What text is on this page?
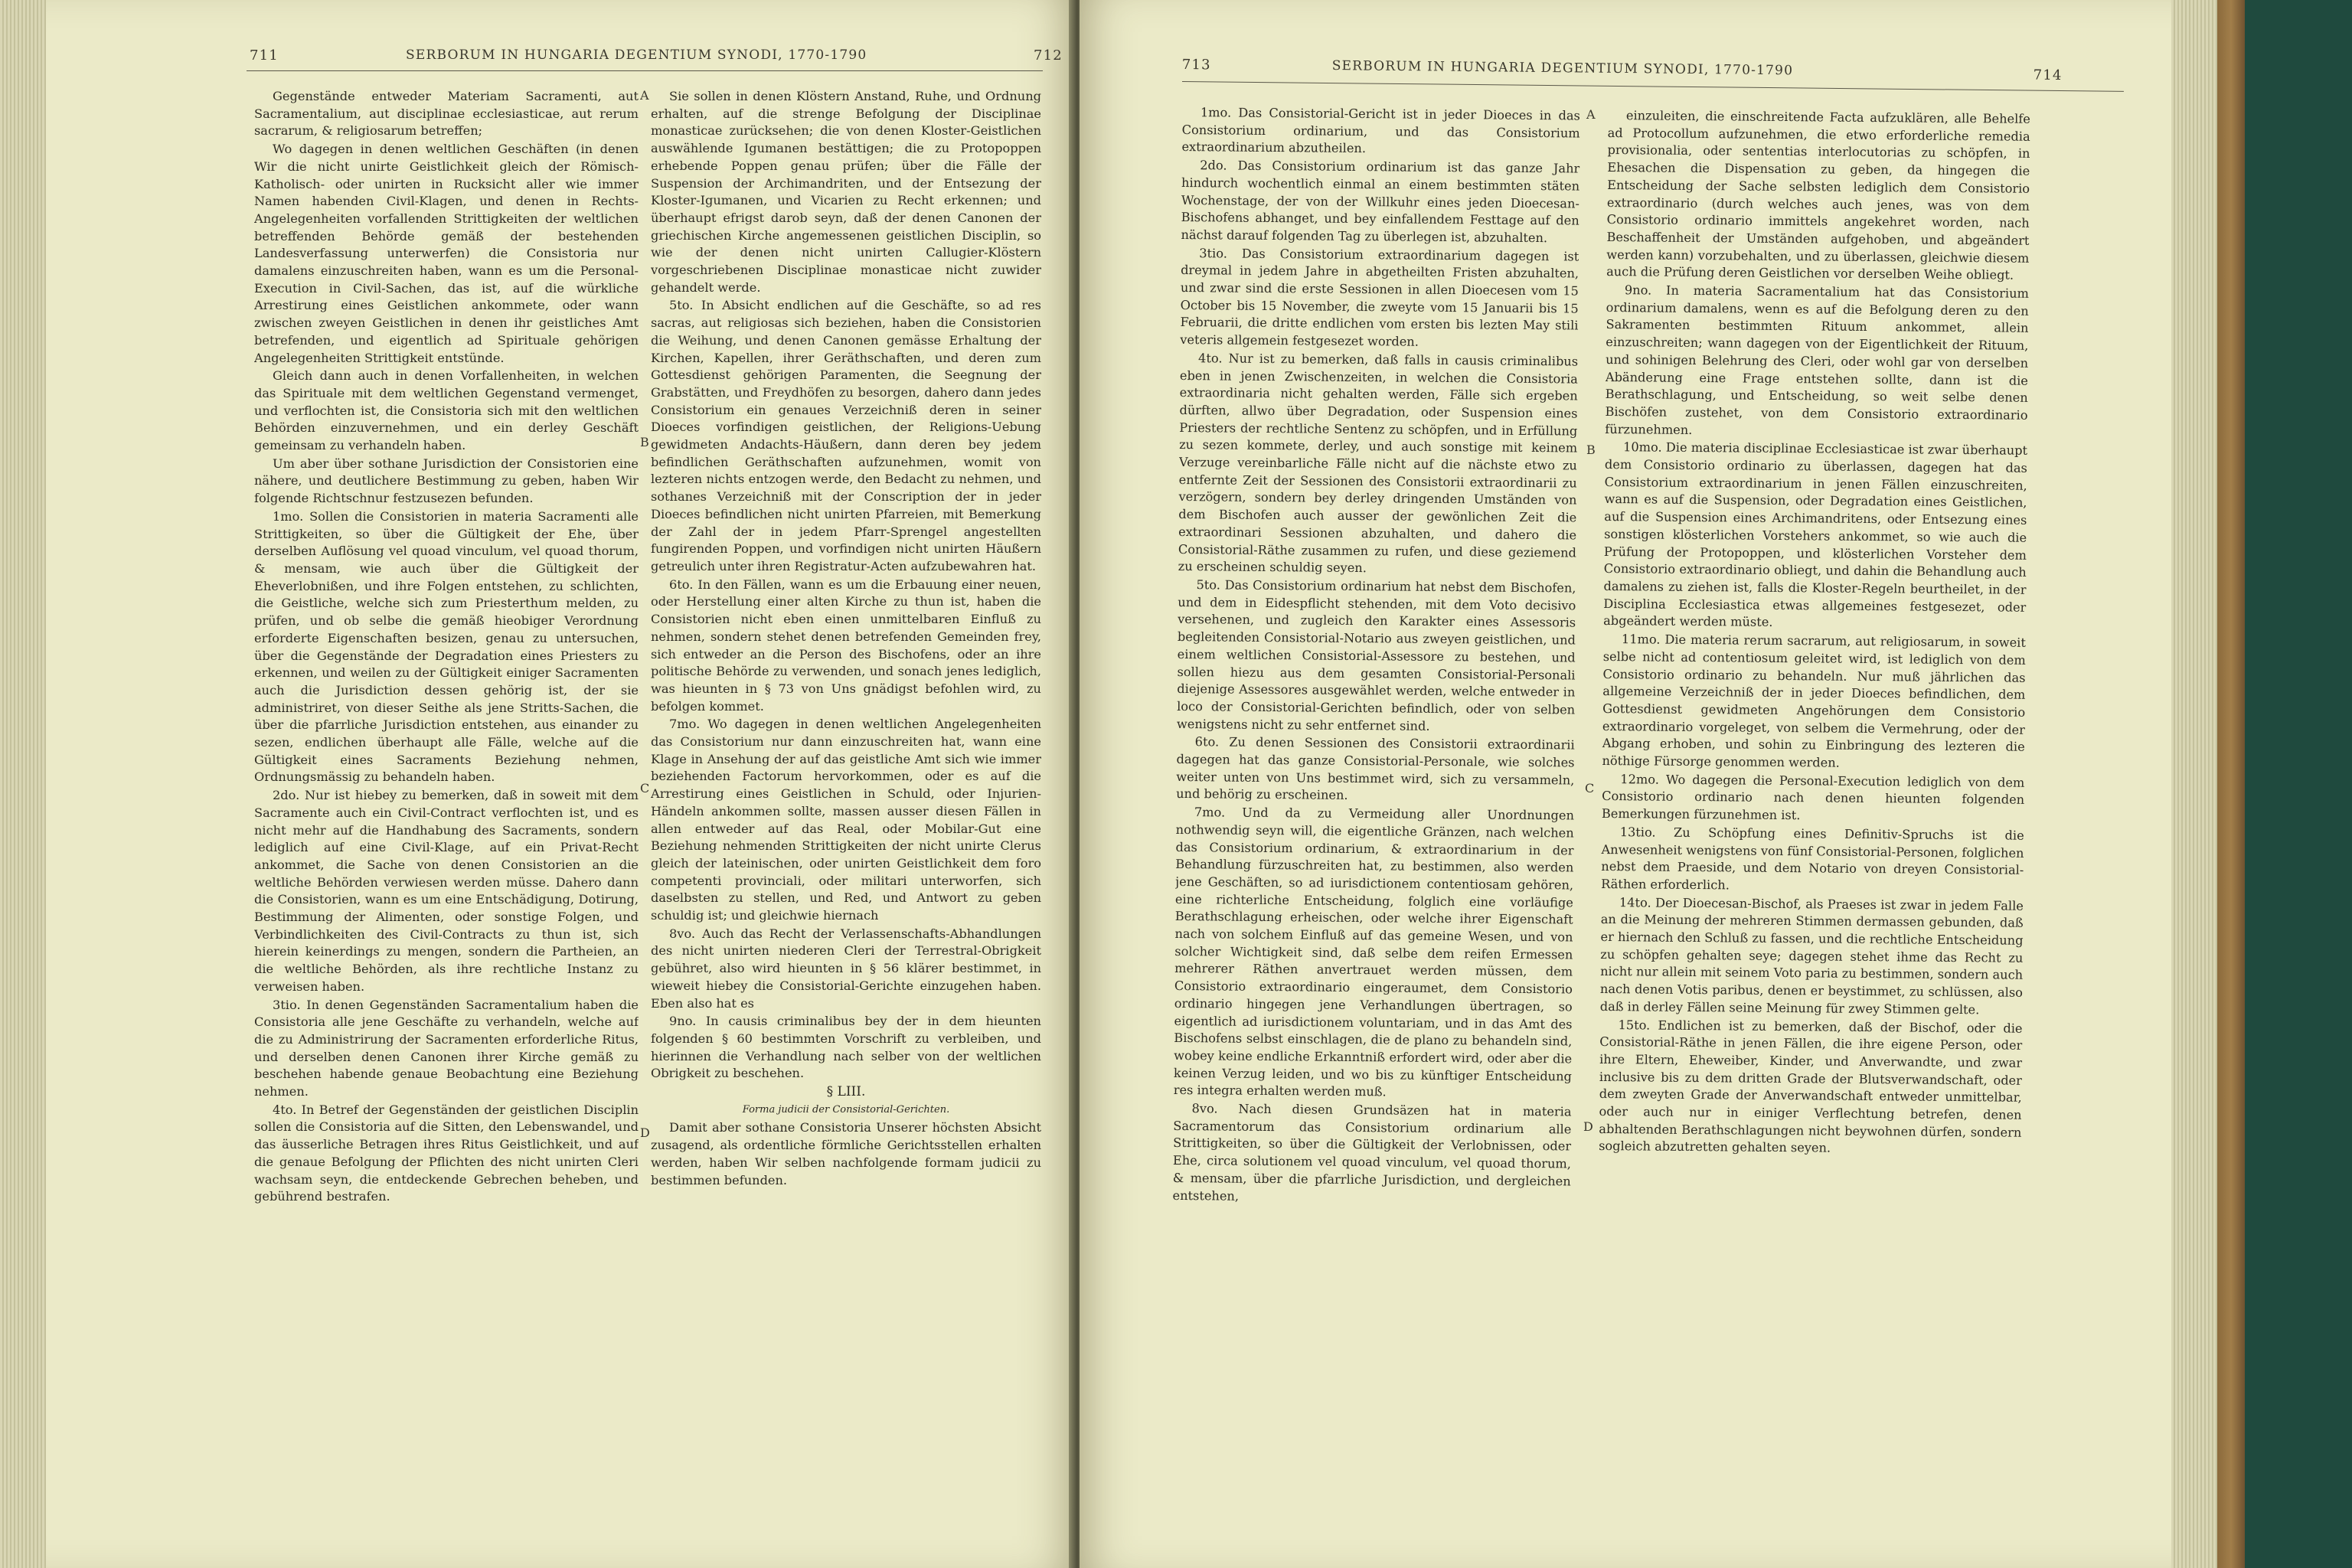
711	SERBORUM IN HUNGARIA DEGENTIUM SYNODI, 1770-1790	712

Gegenstände entweder Materiam Sacramenti, aut Sacramentalium, aut disciplinae ecclesiasticae, aut rerum sacrarum, & religiosarum betreffen;

Wo dagegen in denen weltlichen Geschäften (in denen Wir die nicht unirte Geistlichkeit gleich der Römisch-Katholisch- oder unirten in Rucksicht aller wie immer Namen habenden Civil-Klagen, und denen in Rechts-Angelegenheiten vorfallenden Strittigkeiten der weltlichen betreffenden Behörde gemäß der bestehenden Landesverfassung unterwerfen) die Consistoria nur damalens einzuschreiten haben, wann es um die Personal-Execution in Civil-Sachen, das ist, auf die würkliche Arrestirung eines Geistlichen ankommete, oder wann zwischen zweyen Geistlichen in denen ihr geistliches Amt betrefenden, und eigentlich ad Spirituale gehörigen Angelegenheiten Strittigkeit entstünde.

Gleich dann auch in denen Vorfallenheiten, in welchen das Spirituale mit dem weltlichen Gegenstand vermenget, und verflochten ist, die Consistoria sich mit den weltlichen Behörden einzuvernehmen, und ein derley Geschäft gemeinsam zu verhandeln haben.

Um aber über sothane Jurisdiction der Consistorien eine nähere, und deutlichere Bestimmung zu geben, haben Wir folgende Richtschnur festzusezen befunden.

1mo. Sollen die Consistorien in materia Sacramenti alle Strittigkeiten, so über die Gültigkeit der Ehe, über derselben Auflösung vel quoad vinculum, vel quoad thorum, & mensam, wie auch über die Gültigkeit der Eheverlobnißen, und ihre Folgen entstehen, zu schlichten, die Geistliche, welche sich zum Priesterthum melden, zu prüfen, und ob selbe die gemäß hieobiger Verordnung erforderte Eigenschaften besizen, genau zu untersuchen, über die Gegenstände der Degradation eines Priesters zu erkennen, und weilen zu der Gültigkeit einiger Sacramenten auch die Jurisdiction dessen gehörig ist, der sie administriret, von dieser Seithe als jene Stritts-Sachen, die über die pfarrliche Jurisdiction entstehen, aus einander zu sezen, endlichen überhaupt alle Fälle, welche auf die Gültigkeit eines Sacraments Beziehung nehmen, Ordnungsmässig zu behandeln haben.

2do. Nur ist hiebey zu bemerken, daß in soweit mit dem Sacramente auch ein Civil-Contract verflochten ist, und es nicht mehr auf die Handhabung des Sacraments, sondern lediglich auf eine Civil-Klage, auf ein Privat-Recht ankommet, die Sache von denen Consistorien an die weltliche Behörden verwiesen werden müsse. Dahero dann die Consistorien, wann es um eine Entschädigung, Dotirung, Bestimmung der Alimenten, oder sonstige Folgen, und Verbindlichkeiten des Civil-Contracts zu thun ist, sich hierein keinerdings zu mengen, sondern die Partheien, an die weltliche Behörden, als ihre rechtliche Instanz zu verweisen haben.

3tio. In denen Gegenständen Sacramentalium haben die Consistoria alle jene Geschäfte zu verhandeln, welche auf die zu Administrirung der Sacramenten erforderliche Ritus, und derselben denen Canonen ihrer Kirche gemäß zu beschehen habende genaue Beobachtung eine Beziehung nehmen.

4to. In Betref der Gegenständen der geistlichen Disciplin sollen die Consistoria auf die Sitten, den Lebenswandel, und das äusserliche Betragen ihres Ritus Geistlichkeit, und auf die genaue Befolgung der Pflichten des nicht unirten Cleri wachsam seyn, die entdeckende Gebrechen beheben, und gebührend bestrafen.

Sie sollen in denen Klöstern Anstand, Ruhe, und Ordnung erhalten, auf die strenge Befolgung der Disciplinae monasticae zurücksehen; die von denen Kloster-Geistlichen auswählende Igumanen bestättigen; die zu Protopoppen erhebende Poppen genau prüfen; über die Fälle der Suspension der Archimandriten, und der Entsezung der Kloster-Igumanen, und Vicarien zu Recht erkennen; und überhaupt efrigst darob seyn, daß der denen Canonen der griechischen Kirche angemessenen geistlichen Disciplin, so wie der denen nicht unirten Callugier-Klöstern vorgeschriebenen Disciplinae monasticae nicht zuwider gehandelt werde.

5to. In Absicht endlichen auf die Geschäfte, so ad res sacras, aut religiosas sich beziehen, haben die Consistorien die Weihung, und denen Canonen gemässe Erhaltung der Kirchen, Kapellen, ihrer Geräthschaften, und deren zum Gottesdienst gehörigen Paramenten, die Seegnung der Grabstätten, und Freydhöfen zu besorgen, dahero dann jedes Consistorium ein genaues Verzeichniß deren in seiner Dioeces vorfindigen geistlichen, der Religions-Uebung gewidmeten Andachts-Häußern, dann deren bey jedem befindlichen Geräthschaften aufzunehmen, womit von lezteren nichts entzogen werde, den Bedacht zu nehmen, und sothanes Verzeichniß mit der Conscription der in jeder Dioeces befindlichen nicht unirten Pfarreien, mit Bemerkung der Zahl der in jedem Pfarr-Sprengel angestellten fungirenden Poppen, und vorfindigen nicht unirten Häußern getreulich unter ihren Registratur-Acten aufzubewahren hat.

6to. In den Fällen, wann es um die Erbauung einer neuen, oder Herstellung einer alten Kirche zu thun ist, haben die Consistorien nicht eben einen unmittelbaren Einfluß zu nehmen, sondern stehet denen betrefenden Gemeinden frey, sich entweder an die Person des Bischofens, oder an ihre politische Behörde zu verwenden, und sonach jenes lediglich, was hieunten in § 73 von Uns gnädigst befohlen wird, zu befolgen kommet.

7mo. Wo dagegen in denen weltlichen Angelegenheiten das Consistorium nur dann einzuschreiten hat, wann eine Klage in Ansehung der auf das geistliche Amt sich wie immer beziehenden Factorum hervorkommen, oder es auf die Arrestirung eines Geistlichen in Schuld, oder Injurien-Händeln ankommen sollte, massen ausser diesen Fällen in allen entweder auf das Real, oder Mobilar-Gut eine Beziehung nehmenden Strittigkeiten der nicht unirte Clerus gleich der lateinischen, oder unirten Geistlichkeit dem foro competenti provinciali, oder militari unterworfen, sich daselbsten zu stellen, und Red, und Antwort zu geben schuldig ist; und gleichwie hiernach

8vo. Auch das Recht der Verlassenschafts-Abhandlungen des nicht unirten niederen Cleri der Terrestral-Obrigkeit gebühret, also wird hieunten in § 56 klärer bestimmet, in wieweit hiebey die Consistorial-Gerichte einzugehen haben. Eben also hat es

9no. In causis criminalibus bey der in dem hieunten folgenden § 60 bestimmten Vorschrift zu verbleiben, und hierinnen die Verhandlung nach selber von der weltlichen Obrigkeit zu beschehen.

§ LIII.

Forma judicii der Consistorial-Gerichten.

Damit aber sothane Consistoria Unserer höchsten Absicht zusagend, als ordentliche förmliche Gerichtsstellen erhalten werden, haben Wir selben nachfolgende formam judicii zu bestimmen befunden.

A
B
C
D
713	SERBORUM IN HUNGARIA DEGENTIUM SYNODI, 1770-1790	714

1mo. Das Consistorial-Gericht ist in jeder Dioeces in das Consistorium ordinarium, und das Consistorium extraordinarium abzutheilen.

2do. Das Consistorium ordinarium ist das ganze Jahr hindurch wochentlich einmal an einem bestimmten stäten Wochenstage, der von der Willkuhr eines jeden Dioecesan-Bischofens abhanget, und bey einfallendem Festtage auf den nächst darauf folgenden Tag zu überlegen ist, abzuhalten.

3tio. Das Consistorium extraordinarium dagegen ist dreymal in jedem Jahre in abgetheilten Fristen abzuhalten, und zwar sind die erste Sessionen in allen Dioecesen vom 15 October bis 15 November, die zweyte vom 15 Januarii bis 15 Februarii, die dritte endlichen vom ersten bis lezten May stili veteris allgemein festgesezet worden.

4to. Nur ist zu bemerken, daß falls in causis criminalibus eben in jenen Zwischenzeiten, in welchen die Consistoria extraordinaria nicht gehalten werden, Fälle sich ergeben dürften, allwo über Degradation, oder Suspension eines Priesters der rechtliche Sentenz zu schöpfen, und in Erfüllung zu sezen kommete, derley, und auch sonstige mit keinem Verzuge vereinbarliche Fälle nicht auf die nächste etwo zu entfernte Zeit der Sessionen des Consistorii extraordinarii zu verzögern, sondern bey derley dringenden Umständen von dem Bischofen auch ausser der gewönlichen Zeit die extraordinari Sessionen abzuhalten, und dahero die Consistorial-Räthe zusammen zu rufen, und diese geziemend zu erscheinen schuldig seyen.

5to. Das Consistorium ordinarium hat nebst dem Bischofen, und dem in Eidespflicht stehenden, mit dem Voto decisivo versehenen, und zugleich den Karakter eines Assessoris begleitenden Consistorial-Notario aus zweyen geistlichen, und einem weltlichen Consistorial-Assessore zu bestehen, und sollen hiezu aus dem gesamten Consistorial-Personali diejenige Assessores ausgewählet werden, welche entweder in loco der Consistorial-Gerichten befindlich, oder von selben wenigstens nicht zu sehr entfernet sind.

6to. Zu denen Sessionen des Consistorii extraordinarii dagegen hat das ganze Consistorial-Personale, wie solches weiter unten von Uns bestimmet wird, sich zu versammeln, und behörig zu erscheinen.

7mo. Und da zu Vermeidung aller Unordnungen nothwendig seyn will, die eigentliche Gränzen, nach welchen das Consistorium ordinarium, & extraordinarium in der Behandlung fürzuschreiten hat, zu bestimmen, also werden jene Geschäften, so ad iurisdictionem contentiosam gehören, eine richterliche Entscheidung, folglich eine vorläufige Berathschlagung erheischen, oder welche ihrer Eigenschaft nach von solchem Einfluß auf das gemeine Wesen, und von solcher Wichtigkeit sind, daß selbe dem reifen Ermessen mehrerer Räthen anvertrauet werden müssen, dem Consistorio extraordinario eingeraumet, dem Consistorio ordinario hingegen jene Verhandlungen übertragen, so eigentlich ad iurisdictionem voluntariam, und in das Amt des Bischofens selbst einschlagen, die de plano zu behandeln sind, wobey keine endliche Erkanntniß erfordert wird, oder aber die keinen Verzug leiden, und wo bis zu künftiger Entscheidung res integra erhalten werden muß.

8vo. Nach diesen Grundsäzen hat in materia Sacramentorum das Consistorium ordinarium alle Strittigkeiten, so über die Gültigkeit der Verlobnissen, oder Ehe, circa solutionem vel quoad vinculum, vel quoad thorum, & mensam, über die pfarrliche Jurisdiction, und dergleichen entstehen,

einzuleiten, die einschreitende Facta aufzuklären, alle Behelfe ad Protocollum aufzunehmen, die etwo erforderliche remedia provisionalia, oder sententias interlocutorias zu schöpfen, in Ehesachen die Dispensation zu geben, da hingegen die Entscheidung der Sache selbsten lediglich dem Consistorio extraordinario (durch welches auch jenes, was von dem Consistorio ordinario immittels angekehret worden, nach Beschaffenheit der Umständen aufgehoben, und abgeändert werden kann) vorzubehalten, und zu überlassen, gleichwie diesem auch die Prüfung deren Geistlichen vor derselben Weihe obliegt.

9no. In materia Sacramentalium hat das Consistorium ordinarium damalens, wenn es auf die Befolgung deren zu den Sakramenten bestimmten Rituum ankommet, allein einzuschreiten; wann dagegen von der Eigentlichkeit der Rituum, und sohinigen Belehrung des Cleri, oder wohl gar von derselben Abänderung eine Frage entstehen sollte, dann ist die Berathschlagung, und Entscheidung, so weit selbe denen Bischöfen zustehet, von dem Consistorio extraordinario fürzunehmen.

10mo. Die materia disciplinae Ecclesiasticae ist zwar überhaupt dem Consistorio ordinario zu überlassen, dagegen hat das Consistorium extraordinarium in jenen Fällen einzuschreiten, wann es auf die Suspension, oder Degradation eines Geistlichen, auf die Suspension eines Archimandritens, oder Entsezung eines sonstigen klösterlichen Vorstehers ankommet, so wie auch die Prüfung der Protopoppen, und klösterlichen Vorsteher dem Consistorio extraordinario obliegt, und dahin die Behandlung auch damalens zu ziehen ist, falls die Kloster-Regeln beurtheilet, in der Disciplina Ecclesiastica etwas allgemeines festgesezet, oder abgeändert werden müste.

11mo. Die materia rerum sacrarum, aut religiosarum, in soweit selbe nicht ad contentiosum geleitet wird, ist lediglich von dem Consistorio ordinario zu behandeln. Nur muß jährlichen das allgemeine Verzeichniß der in jeder Dioeces befindlichen, dem Gottesdienst gewidmeten Angehörungen dem Consistorio extraordinario vorgeleget, von selbem die Vermehrung, oder der Abgang erhoben, und sohin zu Einbringung des lezteren die nöthige Fürsorge genommen werden.

12mo. Wo dagegen die Personal-Execution lediglich von dem Consistorio ordinario nach denen hieunten folgenden Bemerkungen fürzunehmen ist.

13tio. Zu Schöpfung eines Definitiv-Spruchs ist die Anwesenheit wenigstens von fünf Consistorial-Personen, folglichen nebst dem Praeside, und dem Notario von dreyen Consistorial-Räthen erforderlich.

14to. Der Dioecesan-Bischof, als Praeses ist zwar in jedem Falle an die Meinung der mehreren Stimmen dermassen gebunden, daß er hiernach den Schluß zu fassen, und die rechtliche Entscheidung zu schöpfen gehalten seye; dagegen stehet ihme das Recht zu nicht nur allein mit seinem Voto paria zu bestimmen, sondern auch nach denen Votis paribus, denen er beystimmet, zu schlüssen, also daß in derley Fällen seine Meinung für zwey Stimmen gelte.

15to. Endlichen ist zu bemerken, daß der Bischof, oder die Consistorial-Räthe in jenen Fällen, die ihre eigene Person, oder ihre Eltern, Eheweiber, Kinder, und Anverwandte, und zwar inclusive bis zu dem dritten Grade der Blutsverwandschaft, oder dem zweyten Grade der Anverwandschaft entweder unmittelbar, oder auch nur in einiger Verflechtung betrefen, denen abhaltenden Berathschlagungen nicht beywohnen dürfen, sondern sogleich abzutretten gehalten seyen.

A
B
C
D
